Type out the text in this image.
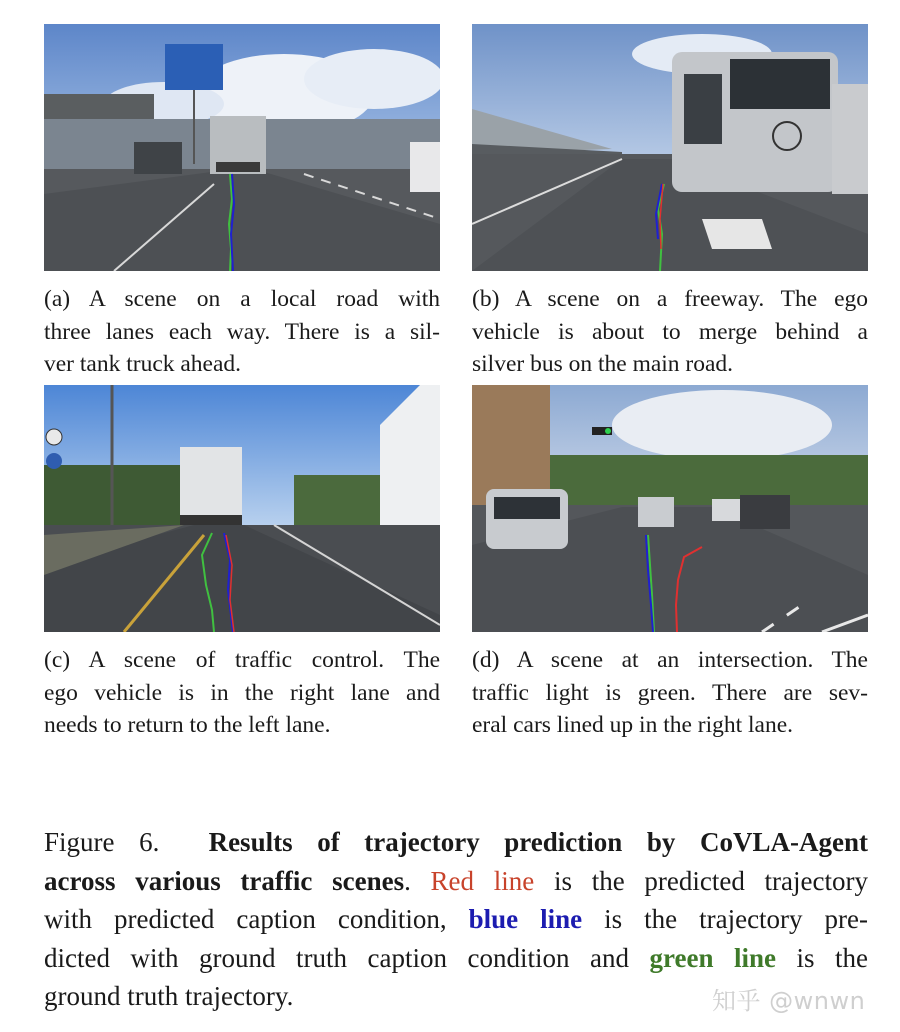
(a) A scene on a local road with
three lanes each way. There is a sil-
ver tank truck ahead.
(b) A scene on a freeway. The ego
vehicle is about to merge behind a
silver bus on the main road.
(c) A scene of traffic control. The
ego vehicle is in the right lane and
needs to return to the left lane.
(d) A scene at an intersection. The
traffic light is green. There are sev-
eral cars lined up in the right lane.
Figure 6. Results of trajectory prediction by CoVLA-Agent
across various traffic scenes. Red line is the predicted trajectory
with predicted caption condition, blue line is the trajectory pre-
dicted with ground truth caption condition and green line is the
ground truth trajectory.	知乎 @wnwn
